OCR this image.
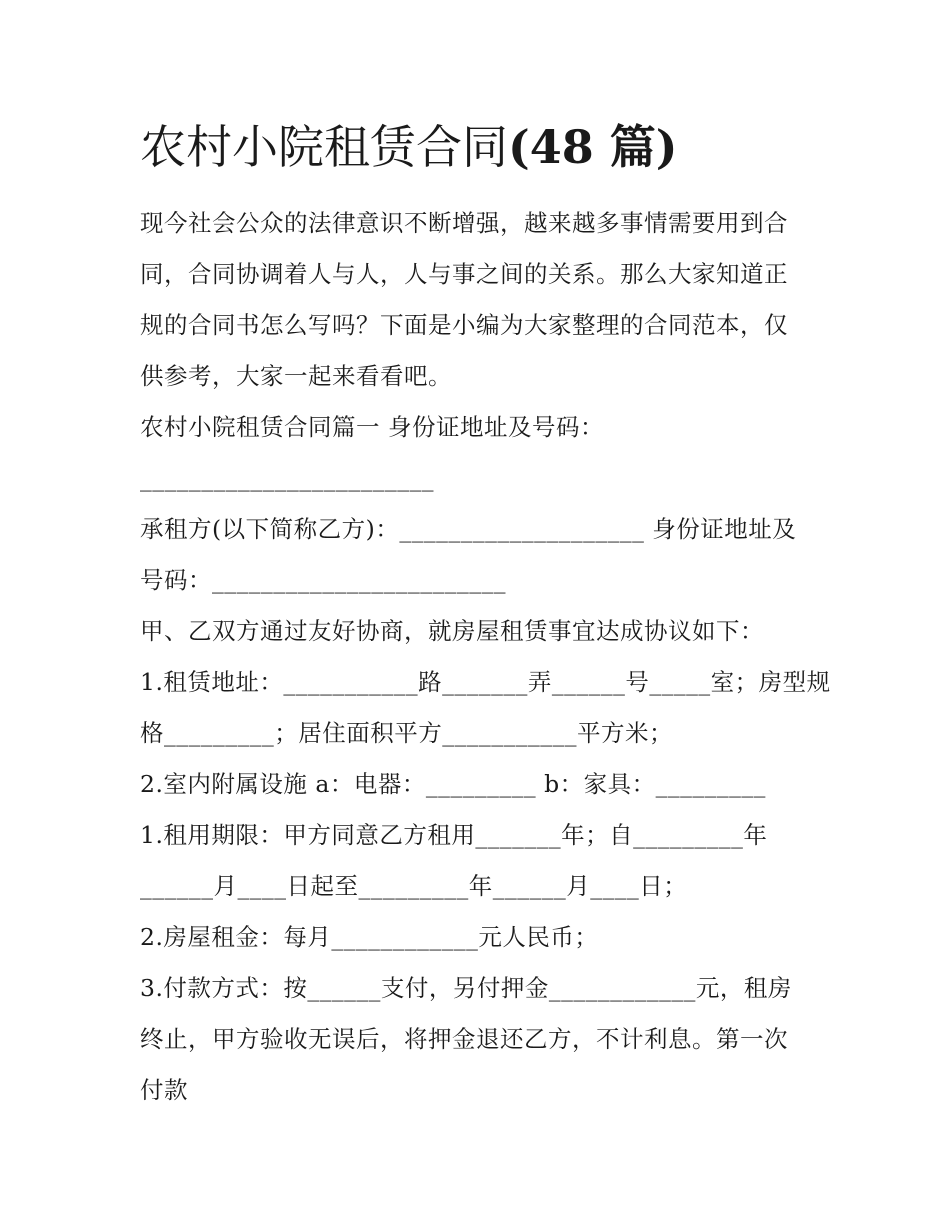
农村小院租赁合同(48 篇)
现今社会公众的法律意识不断增强，越来越多事情需要用到合
同，合同协调着人与人，人与事之间的关系。那么大家知道正
规的合同书怎么写吗？下面是小编为大家整理的合同范本，仅
供参考，大家一起来看看吧。
农村小院租赁合同篇一 身份证地址及号码：
________________________
承租方(以下简称乙方)：____________________ 身份证地址及
号码：________________________
甲、乙双方通过友好协商，就房屋租赁事宜达成协议如下：
1.租赁地址：___________路_______弄______号_____室；房型规
格_________；居住面积平方___________平方米；
2.室内附属设施 a：电器：_________ b：家具：_________
1.租用期限：甲方同意乙方租用_______年；自_________年
______月____日起至_________年______月____日；
2.房屋租金：每月____________元人民币；
3.付款方式：按______支付，另付押金____________元，租房
终止，甲方验收无误后，将押金退还乙方，不计利息。第一次
付款
